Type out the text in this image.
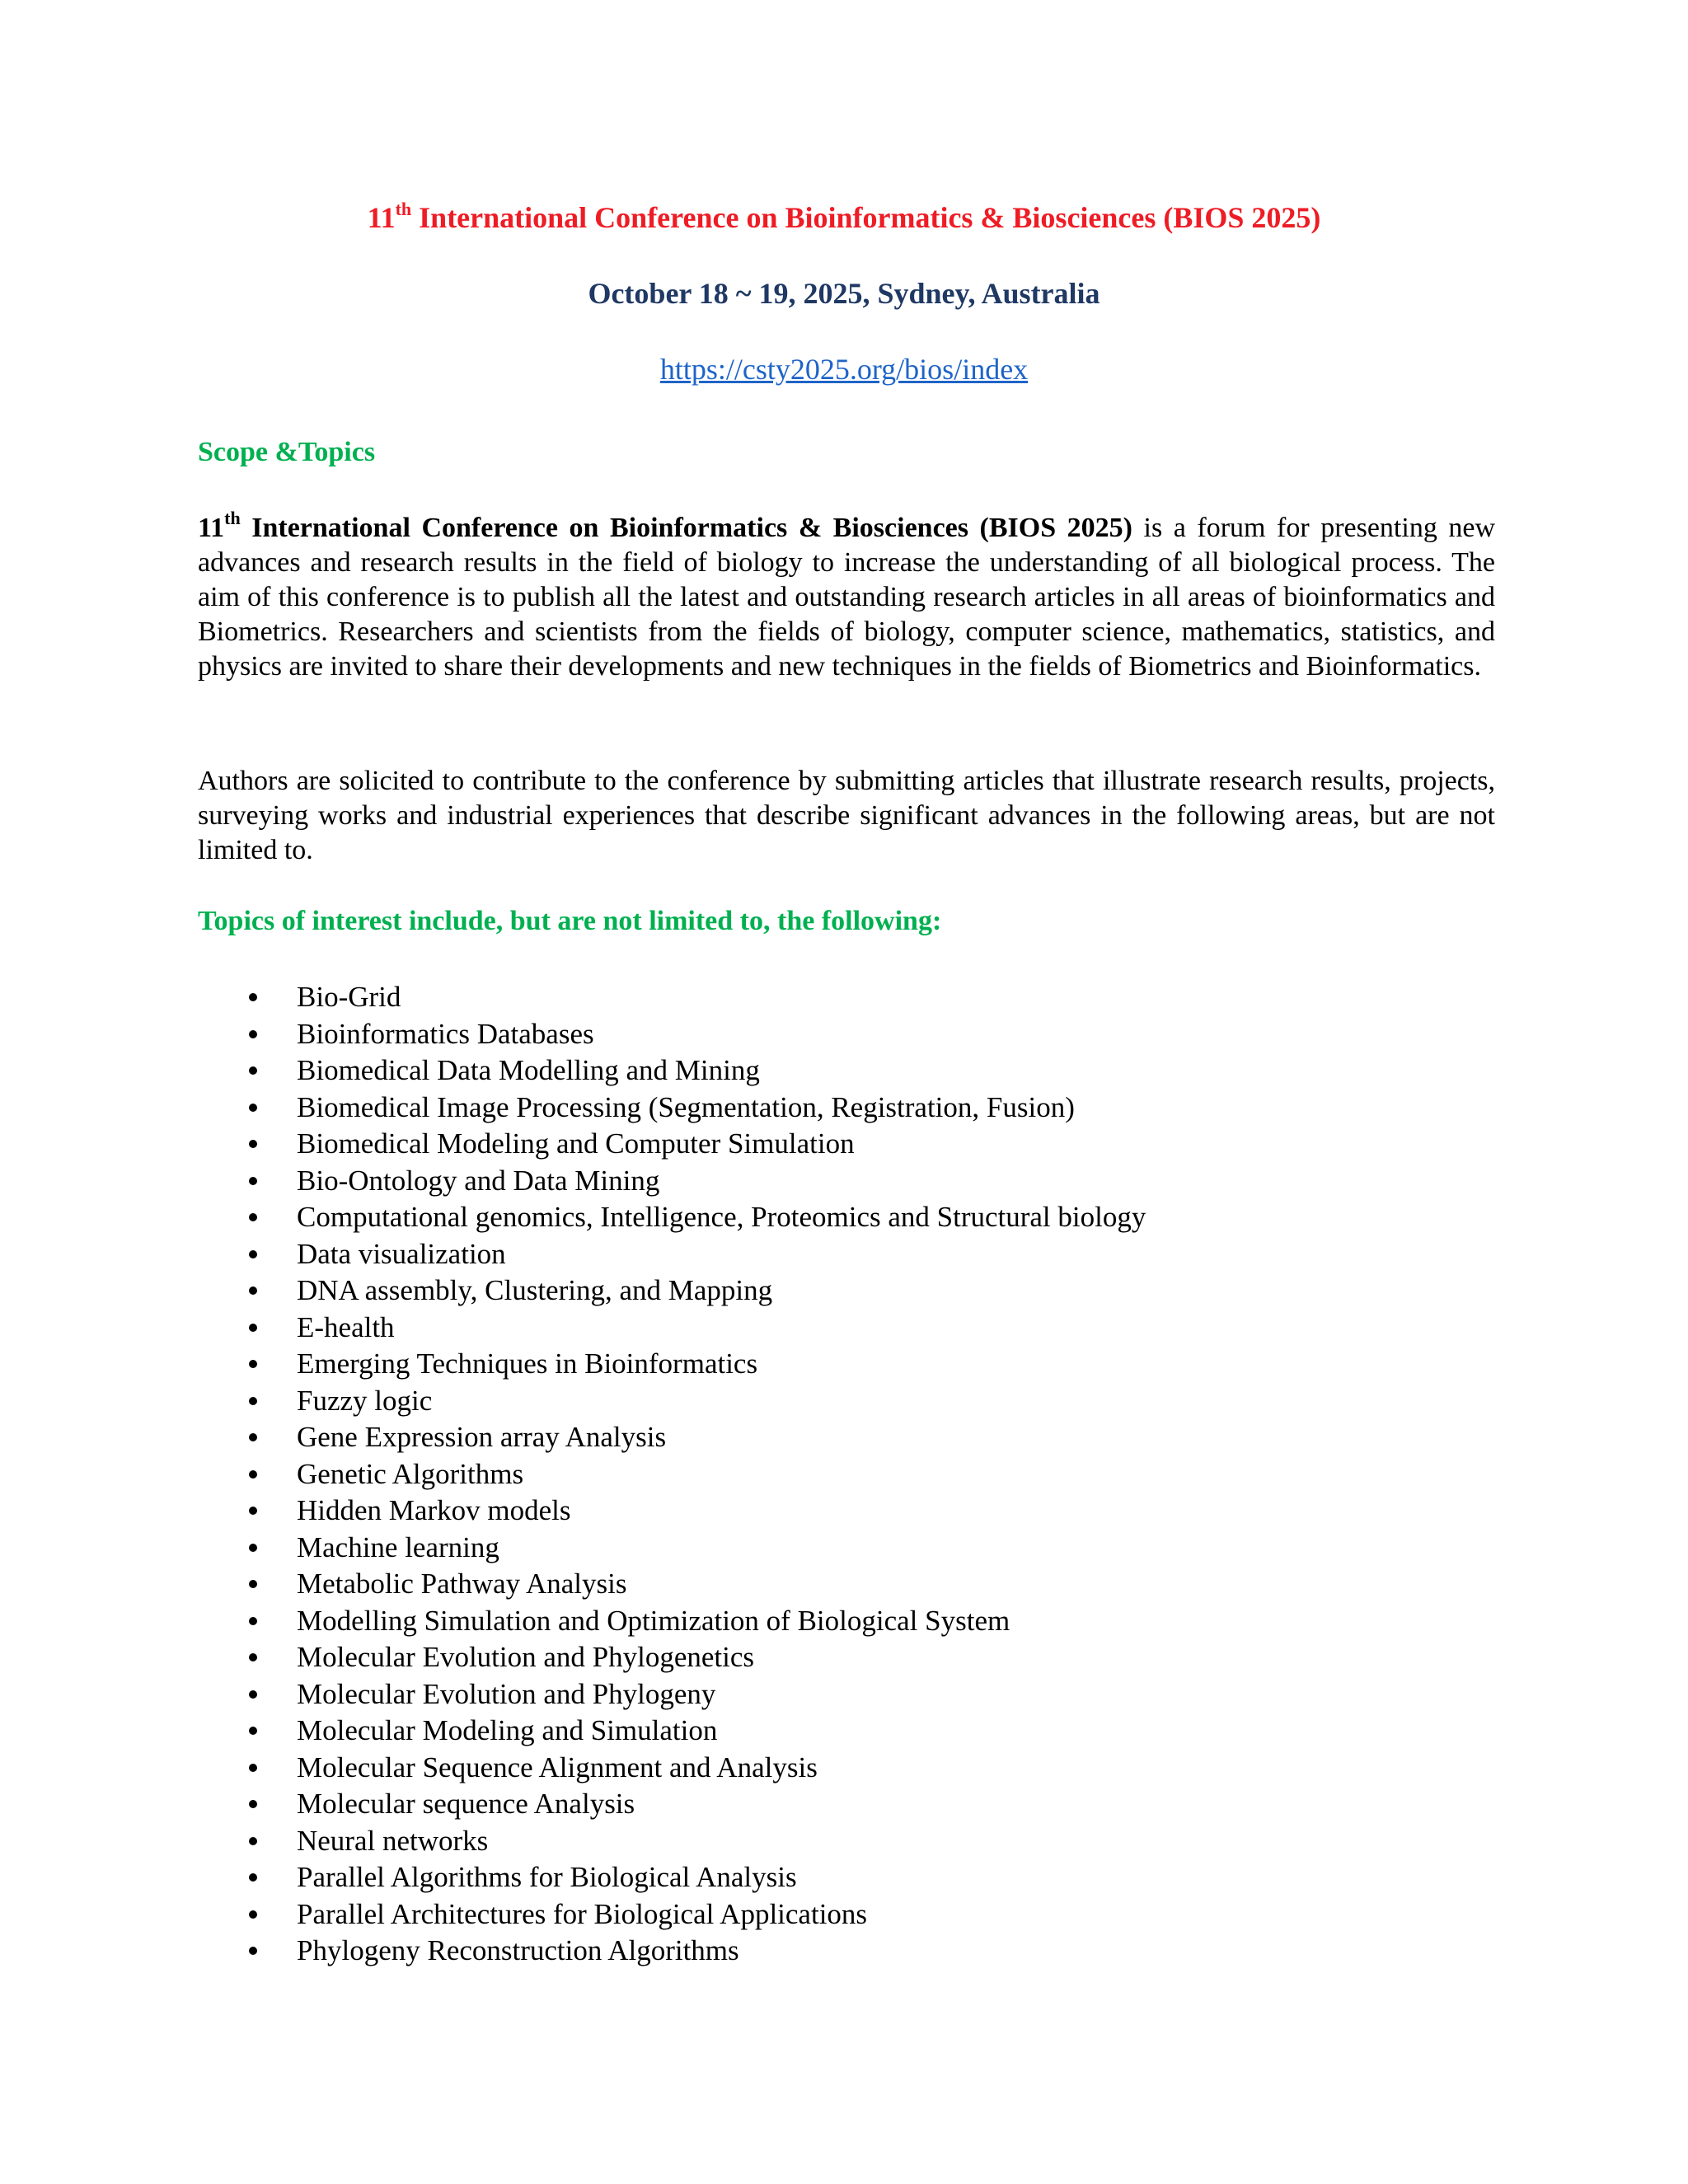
11th International Conference on Bioinformatics & Biosciences (BIOS 2025)

October 18 ~ 19, 2025, Sydney, Australia

https://csty2025.org/bios/index

Scope &Topics

11th International Conference on Bioinformatics & Biosciences (BIOS 2025) is a forum for presenting new advances and research results in the field of biology to increase the understanding of all biological process. The aim of this conference is to publish all the latest and outstanding research articles in all areas of bioinformatics and Biometrics. Researchers and scientists from the fields of biology, computer science, mathematics, statistics, and physics are invited to share their developments and new techniques in the fields of Biometrics and Bioinformatics.

Authors are solicited to contribute to the conference by submitting articles that illustrate research results, projects, surveying works and industrial experiences that describe significant advances in the following areas, but are not limited to.

Topics of interest include, but are not limited to, the following:
Bio-Grid
Bioinformatics Databases
Biomedical Data Modelling and Mining
Biomedical Image Processing (Segmentation, Registration, Fusion)
Biomedical Modeling and Computer Simulation
Bio-Ontology and Data Mining
Computational genomics, Intelligence, Proteomics and Structural biology
Data visualization
DNA assembly, Clustering, and Mapping
E-health
Emerging Techniques in Bioinformatics
Fuzzy logic
Gene Expression array Analysis
Genetic Algorithms
Hidden Markov models
Machine learning
Metabolic Pathway Analysis
Modelling Simulation and Optimization of Biological System
Molecular Evolution and Phylogenetics
Molecular Evolution and Phylogeny
Molecular Modeling and Simulation
Molecular Sequence Alignment and Analysis
Molecular sequence Analysis
Neural networks
Parallel Algorithms for Biological Analysis
Parallel Architectures for Biological Applications
Phylogeny Reconstruction Algorithms
